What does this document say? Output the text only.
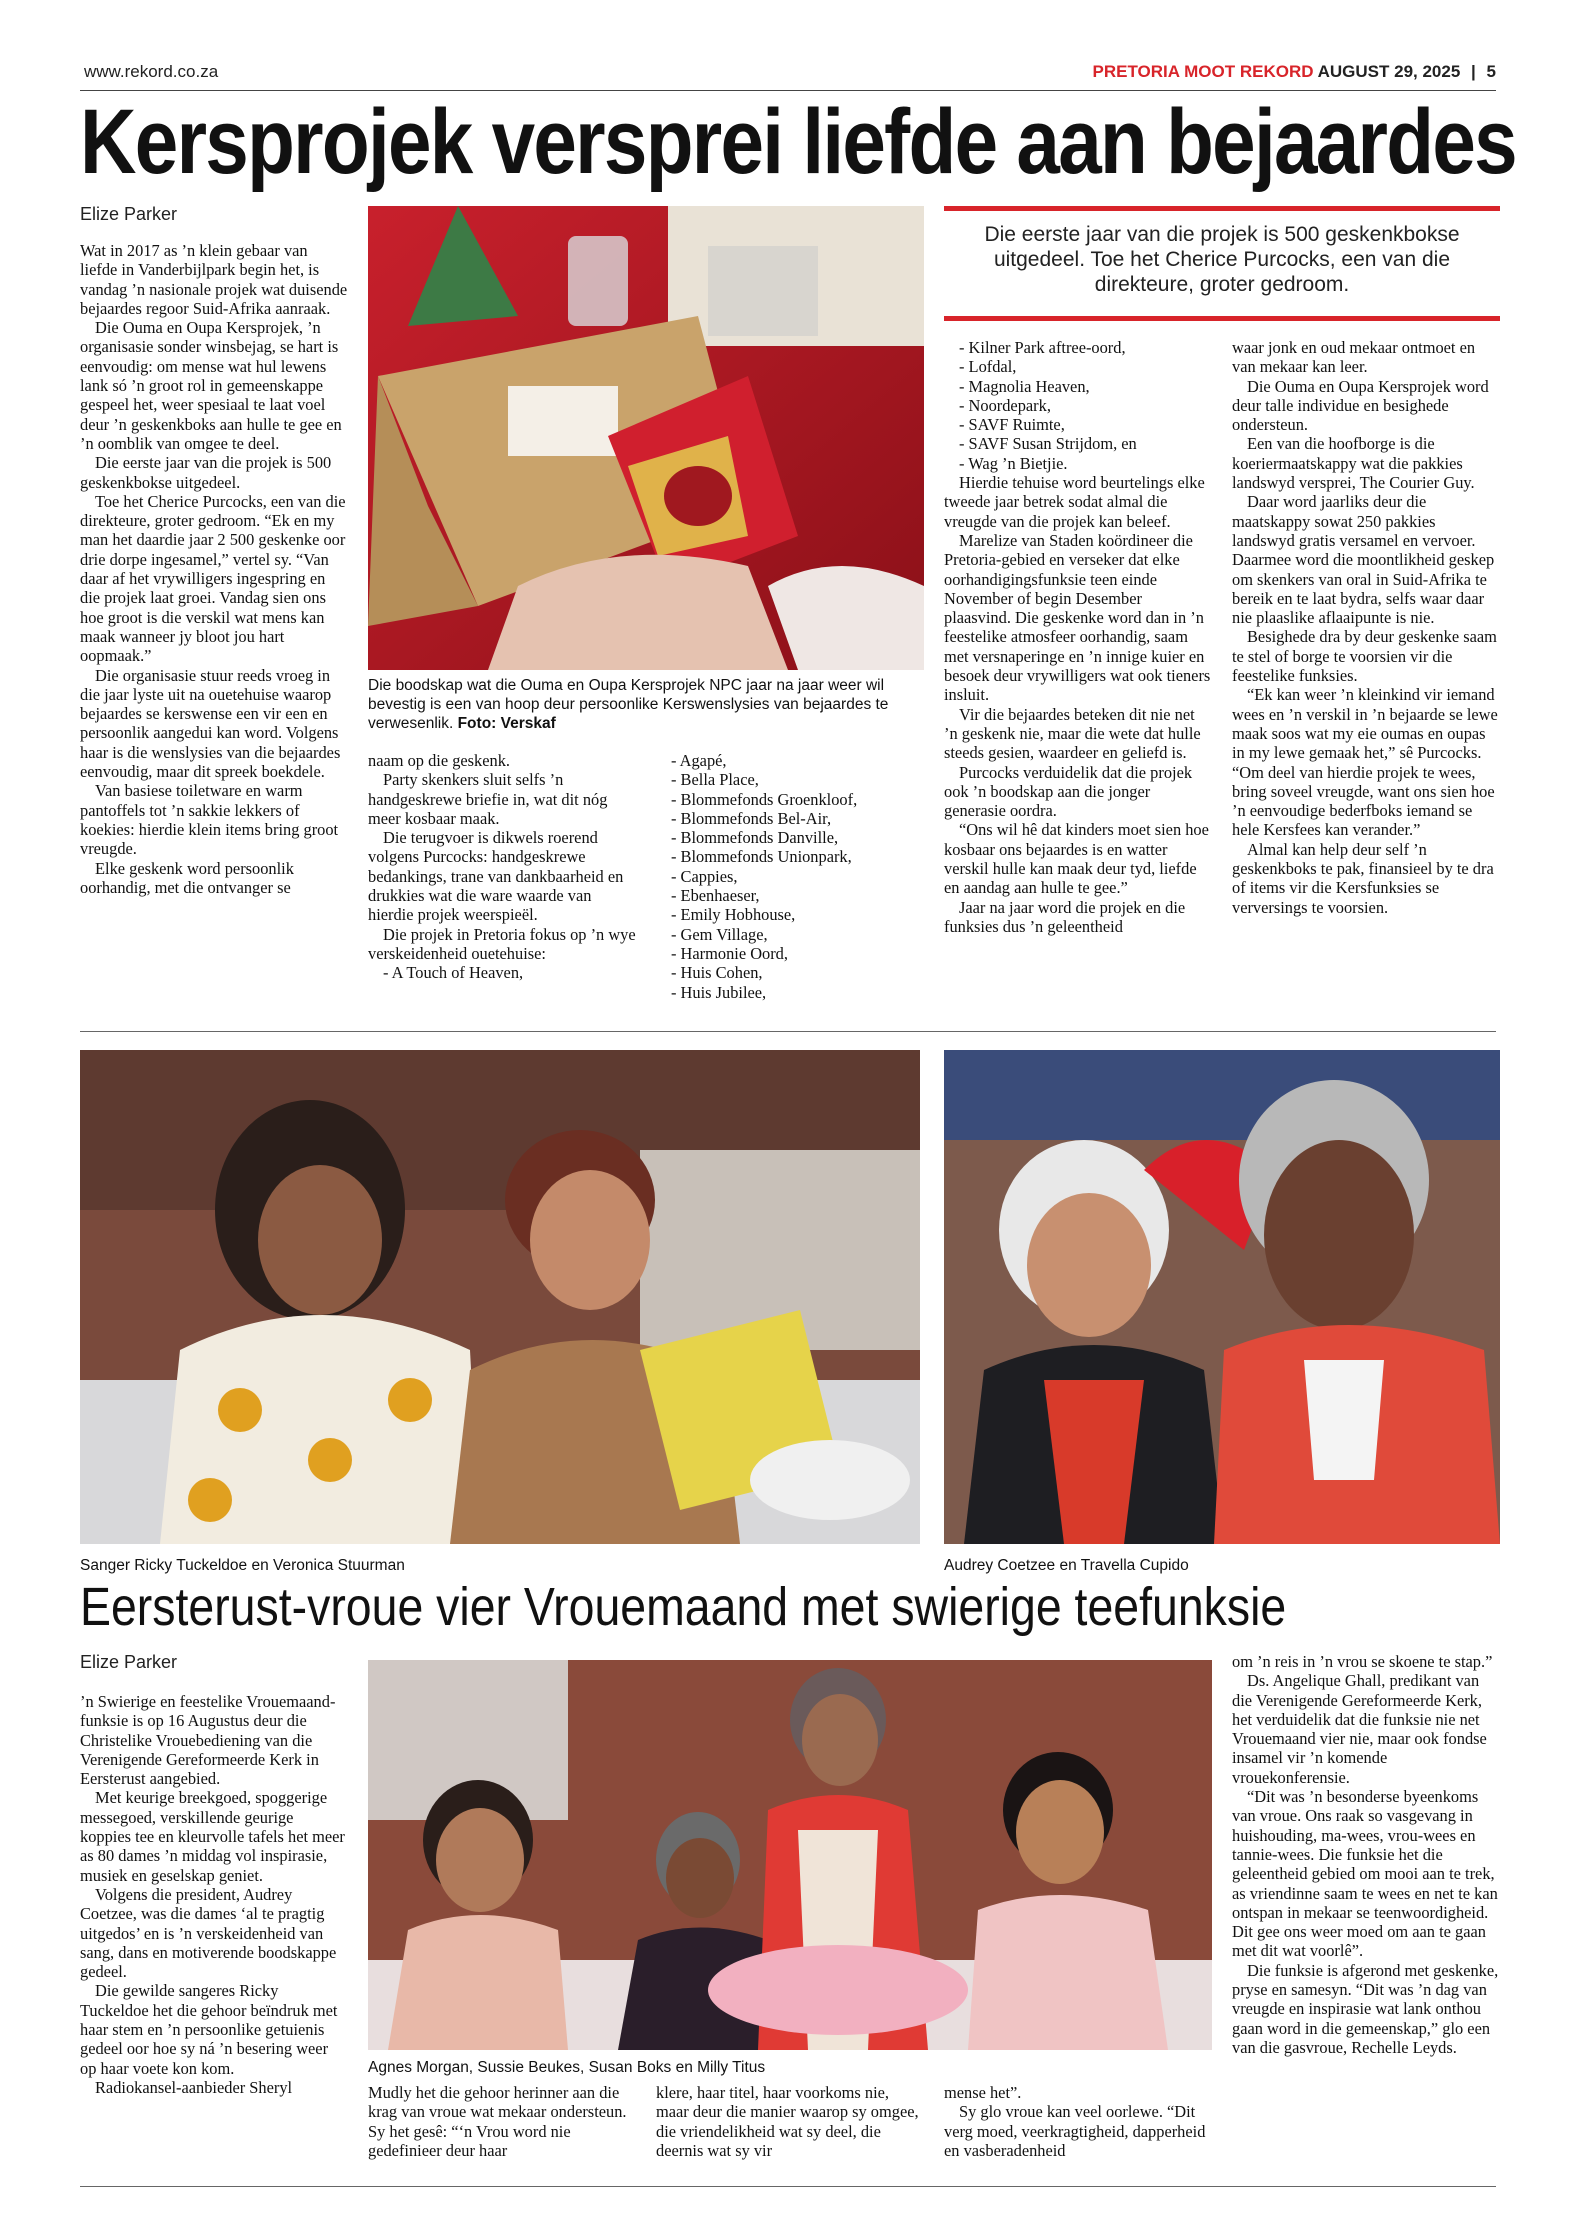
www.rekord.co.za	PRETORIA MOOT REKORD AUGUST 29, 2025 | 5
Kersprojek versprei liefde aan bejaardes
Elize Parker

Wat in 2017 as ’n klein gebaar van liefde in Vanderbijlpark begin het, is vandag ’n nasionale projek wat duisende bejaardes regoor Suid-Afrika aanraak.

Die Ouma en Oupa Kersprojek, ’n organisasie sonder winsbejag, se hart is eenvoudig: om mense wat hul lewens lank só ’n groot rol in gemeenskappe gespeel het, weer spesiaal te laat voel deur ’n geskenkboks aan hulle te gee en ’n oomblik van omgee te deel.

Die eerste jaar van die projek is 500 geskenkbokse uitgedeel.

Toe het Cherice Purcocks, een van die direkteure, groter gedroom. “Ek en my man het daardie jaar 2 500 geskenke oor drie dorpe ingesamel,” vertel sy. “Van daar af het vrywilligers ingespring en die projek laat groei. Vandag sien ons hoe groot is die verskil wat mens kan maak wanneer jy bloot jou hart oopmaak.”

Die organisasie stuur reeds vroeg in die jaar lyste uit na ouetehuise waarop bejaardes se kerswense een vir een en persoonlik aangedui kan word. Volgens haar is die wenslysies van die bejaardes eenvoudig, maar dit spreek boekdele.

Van basiese toiletware en warm pantoffels tot ’n sakkie lekkers of koekies: hierdie klein items bring groot vreugde.

Elke geskenk word persoonlik oorhandig, met die ontvanger se

Die boodskap wat die Ouma en Oupa Kersprojek NPC jaar na jaar weer wil bevestig is een van hoop deur persoonlike Kerswenslysies van bejaardes te verwesenlik. Foto: Verskaf

naam op die geskenk.

Party skenkers sluit selfs ’n handgeskrewe briefie in, wat dit nóg meer kosbaar maak.

Die terugvoer is dikwels roerend volgens Purcocks: handgeskrewe bedankings, trane van dankbaarheid en drukkies wat die ware waarde van hierdie projek weerspieël.

Die projek in Pretoria fokus op ’n wye verskeidenheid ouetehuise:

- A Touch of Heaven,

- Agapé,

- Bella Place,

- Blommefonds Groenkloof,

- Blommefonds Bel-Air,

- Blommefonds Danville,

- Blommefonds Unionpark,

- Cappies,

- Ebenhaeser,

- Emily Hobhouse,

- Gem Village,

- Harmonie Oord,

- Huis Cohen,

- Huis Jubilee,

Die eerste jaar van die projek is 500 geskenkbokse uitgedeel. Toe het Cherice Purcocks, een van die direkteure, groter gedroom.

- Kilner Park aftree-oord,

- Lofdal,

- Magnolia Heaven,

- Noordepark,

- SAVF Ruimte,

- SAVF Susan Strijdom, en

- Wag ’n Bietjie.

Hierdie tehuise word beurtelings elke tweede jaar betrek sodat almal die vreugde van die projek kan beleef.

Marelize van Staden koördineer die Pretoria-gebied en verseker dat elke oorhandigingsfunksie teen einde November of begin Desember plaasvind. Die geskenke word dan in ’n feestelike atmosfeer oorhandig, saam met versnaperinge en ’n innige kuier en besoek deur vrywilligers wat ook tieners insluit.

Vir die bejaardes beteken dit nie net ’n geskenk nie, maar die wete dat hulle steeds gesien, waardeer en geliefd is.

Purcocks verduidelik dat die projek ook ’n boodskap aan die jonger generasie oordra.

“Ons wil hê dat kinders moet sien hoe kosbaar ons bejaardes is en watter verskil hulle kan maak deur tyd, liefde en aandag aan hulle te gee.”

Jaar na jaar word die projek en die funksies dus ’n geleentheid

waar jonk en oud mekaar ontmoet en van mekaar kan leer.

Die Ouma en Oupa Kersprojek word deur talle individue en besighede ondersteun.

Een van die hoofborge is die koeriermaatskappy wat die pakkies landswyd versprei, The Courier Guy.

Daar word jaarliks deur die maatskappy sowat 250 pakkies landswyd gratis versamel en vervoer. Daarmee word die moontlikheid geskep om skenkers van oral in Suid-Afrika te bereik en te laat bydra, selfs waar daar nie plaaslike aflaaipunte is nie.

Besighede dra by deur geskenke saam te stel of borge te voorsien vir die feestelike funksies.

“Ek kan weer ’n kleinkind vir iemand wees en ’n verskil in ’n bejaarde se lewe maak soos wat my eie oumas en oupas in my lewe gemaak het,” sê Purcocks. “Om deel van hierdie projek te wees, bring soveel vreugde, want ons sien hoe ’n eenvoudige bederfboks iemand se hele Kersfees kan verander.”

Almal kan help deur self ’n geskenkboks te pak, finansieel by te dra of items vir die Kersfunksies se verversings te voorsien.

Sanger Ricky Tuckeldoe en Veronica Stuurman	Audrey Coetzee en Travella Cupido
Eersterust-vroue vier Vrouemaand met swierige teefunksie
Elize Parker

’n Swierige en feestelike Vrouemaand-funksie is op 16 Augustus deur die Christelike Vrouebediening van die Verenigende Gereformeerde Kerk in Eersterust aangebied.

Met keurige breekgoed, spoggerige messegoed, verskillende geurige koppies tee en kleurvolle tafels het meer as 80 dames ’n middag vol inspirasie, musiek en geselskap geniet.

Volgens die president, Audrey Coetzee, was die dames ‘al te pragtig uitgedos’ en is ’n verskeidenheid van sang, dans en motiverende boodskappe gedeel.

Die gewilde sangeres Ricky Tuckeldoe het die gehoor beïndruk met haar stem en ’n persoonlike getuienis gedeel oor hoe sy ná ’n besering weer op haar voete kon kom.

Radiokansel-aanbieder Sheryl

Agnes Morgan, Sussie Beukes, Susan Boks en Milly Titus

Mudly het die gehoor herinner aan die krag van vroue wat mekaar ondersteun. Sy het gesê: “‘n Vrou word nie gedefinieer deur haar

klere, haar titel, haar voorkoms nie, maar deur die manier waarop sy omgee, die vriendelikheid wat sy deel, die deernis wat sy vir

mense het”.

Sy glo vroue kan veel oorlewe. “Dit verg moed, veerkragtigheid, dapperheid en vasberadenheid

om ’n reis in ’n vrou se skoene te stap.”

Ds. Angelique Ghall, predikant van die Verenigende Gereformeerde Kerk, het verduidelik dat die funksie nie net Vrouemaand vier nie, maar ook fondse insamel vir ’n komende vrouekonferensie.

“Dit was ’n besonderse byeenkoms van vroue. Ons raak so vasgevang in huishouding, ma-wees, vrou-wees en tannie-wees. Die funksie het die geleentheid gebied om mooi aan te trek, as vriendinne saam te wees en net te kan ontspan in mekaar se teenwoordigheid. Dit gee ons weer moed om aan te gaan met dit wat voorlê”.

Die funksie is afgerond met geskenke, pryse en samesyn. “Dit was ’n dag van vreugde en inspirasie wat lank onthou gaan word in die gemeenskap,” glo een van die gasvroue, Rechelle Leyds.
